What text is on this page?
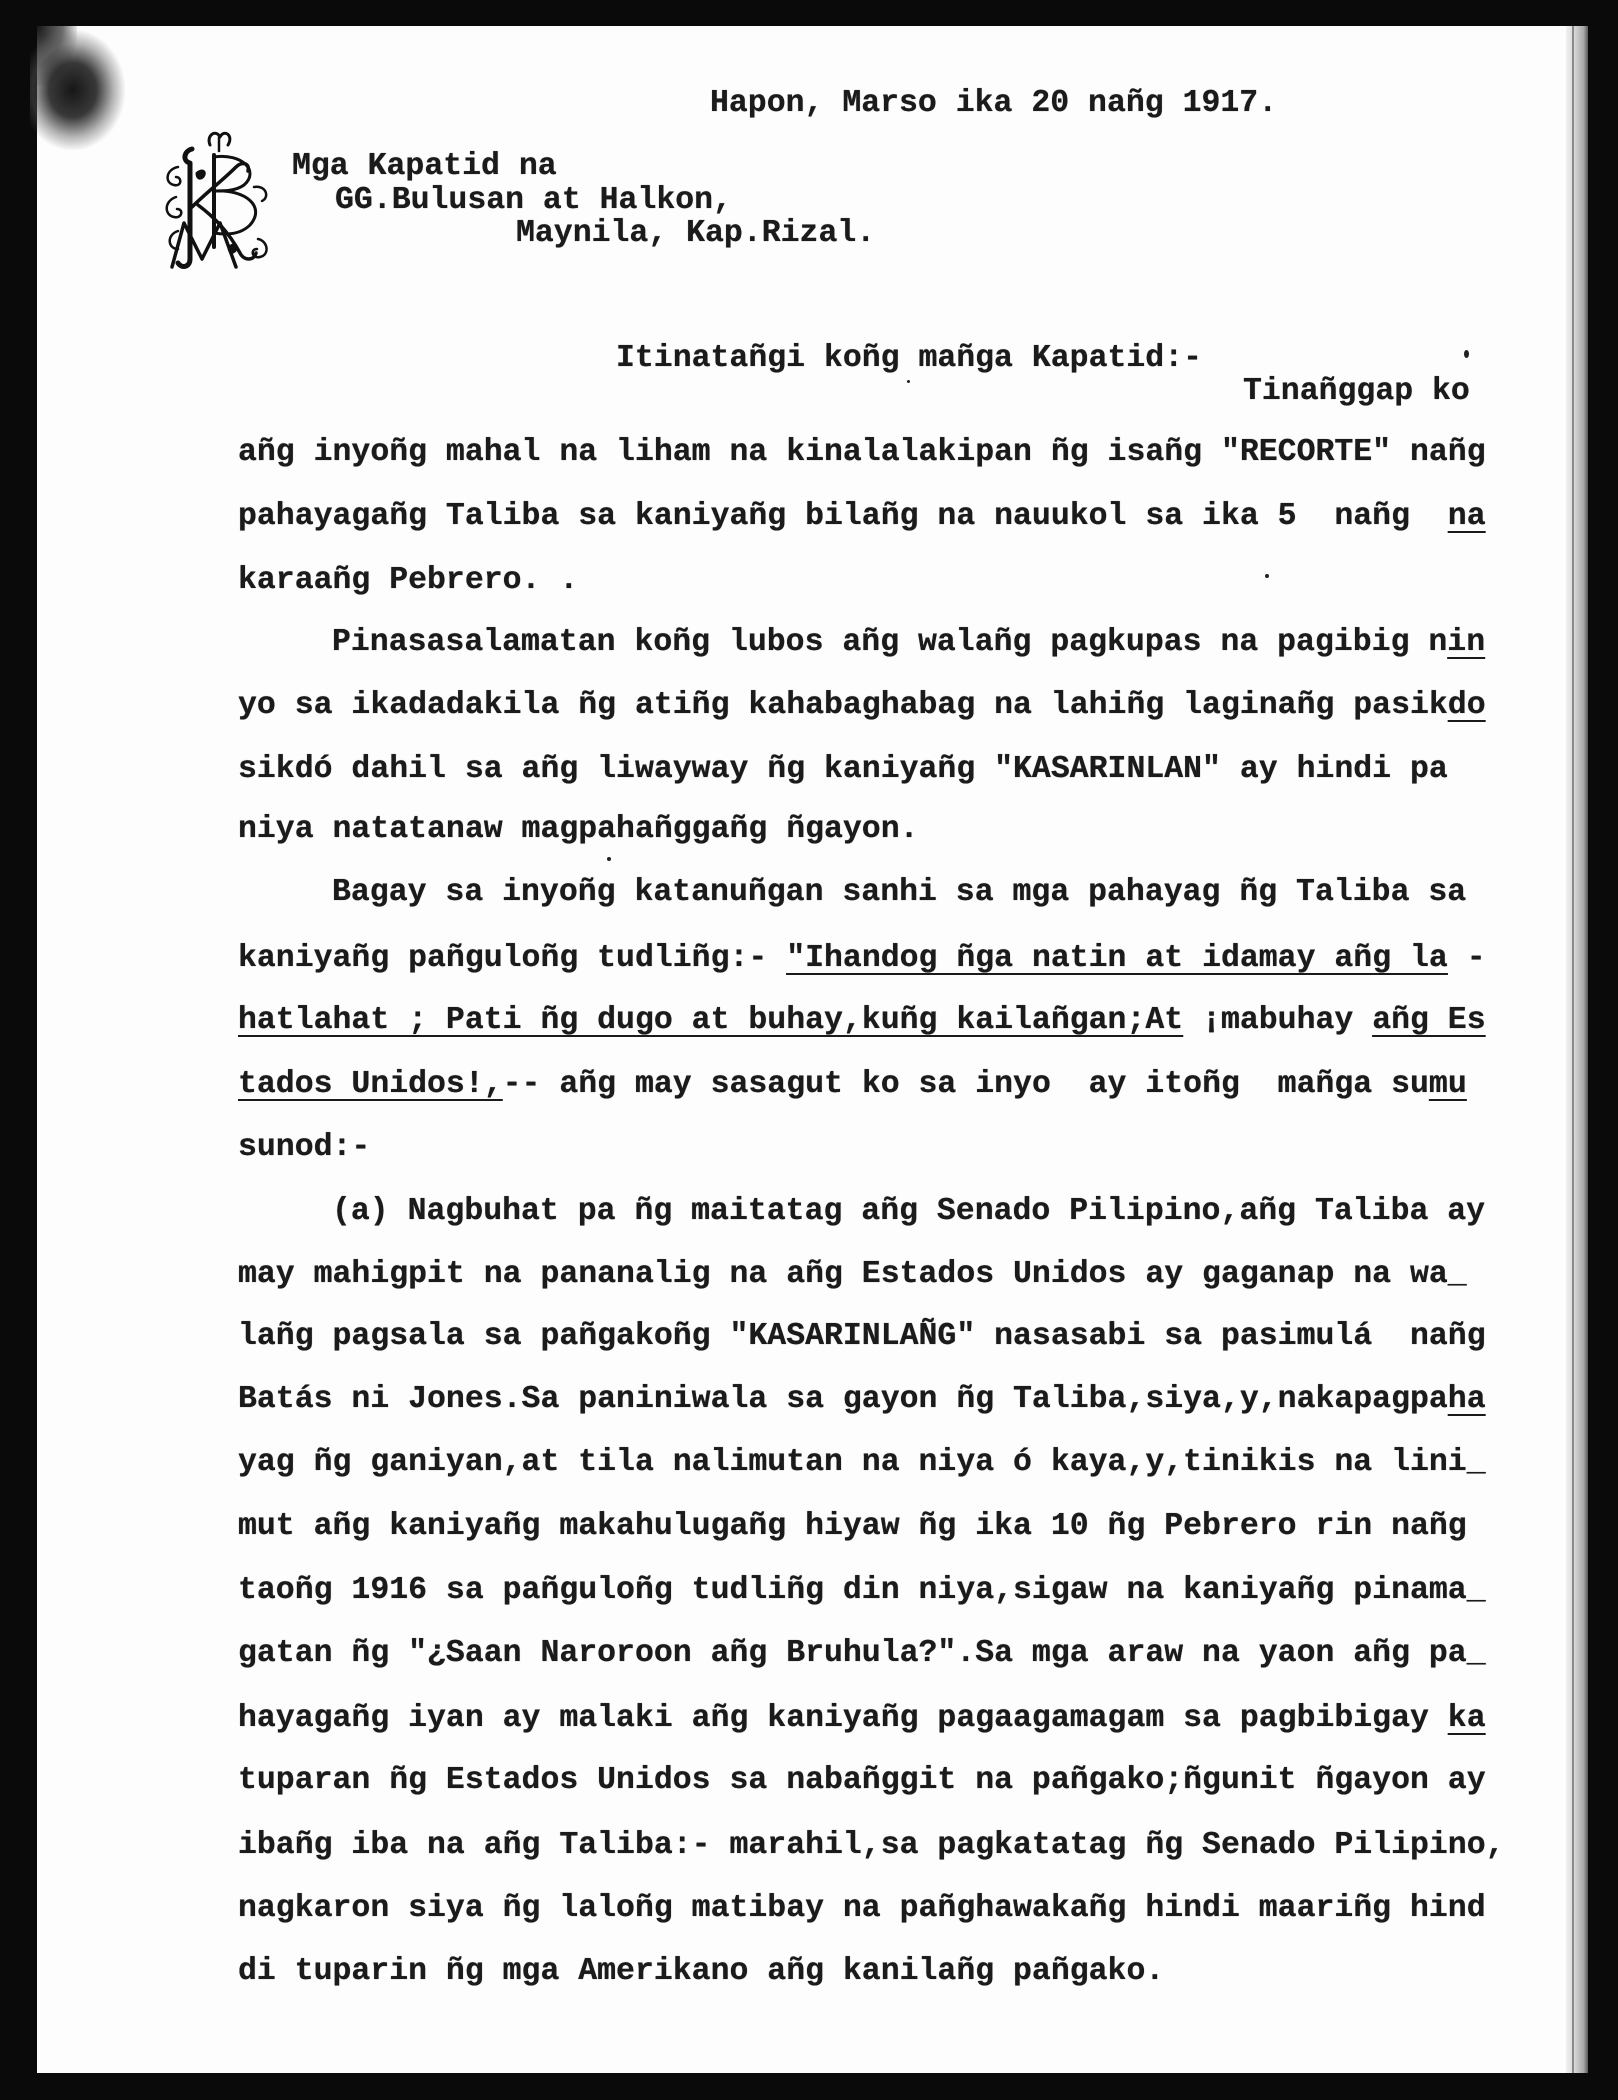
Hapon, Marso ika 20 nañg 1917.
Mga Kapatid na
GG.Bulusan at Halkon,
Maynila, Kap.Rizal.
Itinatañgi koñg mañga Kapatid:-
Tinañggap ko
añg inyoñg mahal na liham na kinalalakipan ñg isañg "RECORTE" nañg
pahayagañg Taliba sa kaniyañg bilañg na nauukol sa ika 5  nañg  na
karaañg Pebrero. .
Pinasasalamatan koñg lubos añg walañg pagkupas na pagibig nin
yo sa ikadadakila ñg atiñg kahabaghabag na lahiñg laginañg pasikdo
sikdó dahil sa añg liwayway ñg kaniyañg "KASARINLAN" ay hindi pa
niya natatanaw magpahañggañg ñgayon.
Bagay sa inyoñg katanuñgan sanhi sa mga pahayag ñg Taliba sa
kaniyañg pañguloñg tudliñg:- "Ihandog ñga natin at idamay añg la -
hatlahat ; Pati ñg dugo at buhay,kuñg kailañgan;At ¡mabuhay añg Es
tados Unidos!,-- añg may sasagut ko sa inyo  ay itoñg  mañga sumu
sunod:-
(a) Nagbuhat pa ñg maitatag añg Senado Pilipino,añg Taliba ay
may mahigpit na pananalig na añg Estados Unidos ay gaganap na wa_
lañg pagsala sa pañgakoñg "KASARINLAÑG" nasasabi sa pasimulá  nañg
Batás ni Jones.Sa paniniwala sa gayon ñg Taliba,siya,y,nakapagpaha
yag ñg ganiyan,at tila nalimutan na niya ó kaya,y,tinikis na lini_
mut añg kaniyañg makahulugañg hiyaw ñg ika 10 ñg Pebrero rin nañg
taoñg 1916 sa pañguloñg tudliñg din niya,sigaw na kaniyañg pinama_
gatan ñg "¿Saan Naroroon añg Bruhula?".Sa mga araw na yaon añg pa_
hayagañg iyan ay malaki añg kaniyañg pagaagamagam sa pagbibigay ka
tuparan ñg Estados Unidos sa nabañggit na pañgako;ñgunit ñgayon ay
ibañg iba na añg Taliba:- marahil,sa pagkatatag ñg Senado Pilipino,
nagkaron siya ñg laloñg matibay na pañghawakañg hindi maariñg hind
di tuparin ñg mga Amerikano añg kanilañg pañgako.
